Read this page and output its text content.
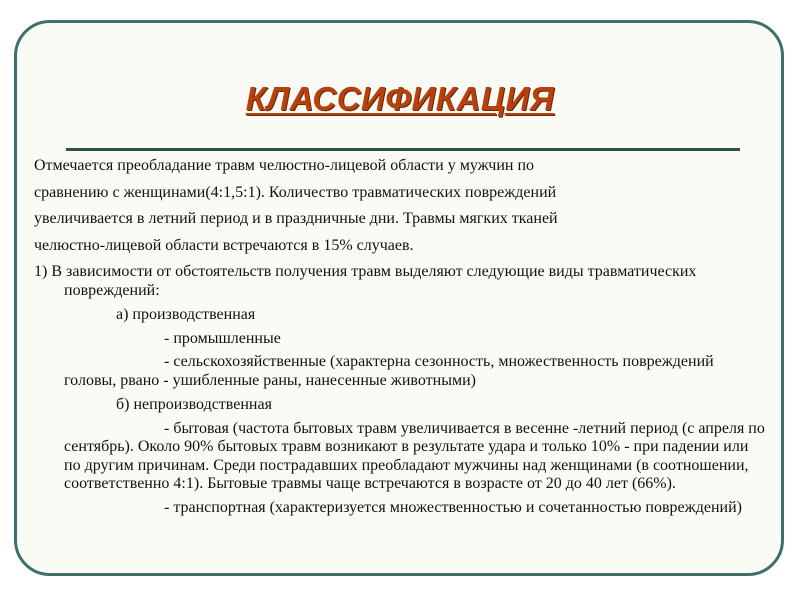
КЛАССИФИКАЦИЯ
Отмечается преобладание травм челюстно-лицевой области у мужчин по
сравнению с женщинами(4:1,5:1). Количество травматических повреждений
увеличивается в летний период и в праздничные дни. Травмы мягких тканей
челюстно-лицевой области встречаются в 15% случаев.
1) В зависимости от обстоятельств получения травм выделяют следующие виды травматических повреждений:
а) производственная
- промышленные
- сельскохозяйственные (характерна сезонность, множественность повреждений головы, рвано - ушибленные раны, нанесенные животными)
б) непроизводственная
- бытовая (частота бытовых травм увеличивается в весенне -летний период (с апреля по сентябрь). Около 90% бытовых травм возникают в результате удара и только 10% - при падении или по другим причинам. Среди пострадавших преобладают мужчины над женщинами (в соотношении, соответственно 4:1). Бытовые травмы чаще встречаются в возрасте от 20 до 40 лет (66%).
- транспортная (характеризуется множественностью и сочетанностью повреждений)
